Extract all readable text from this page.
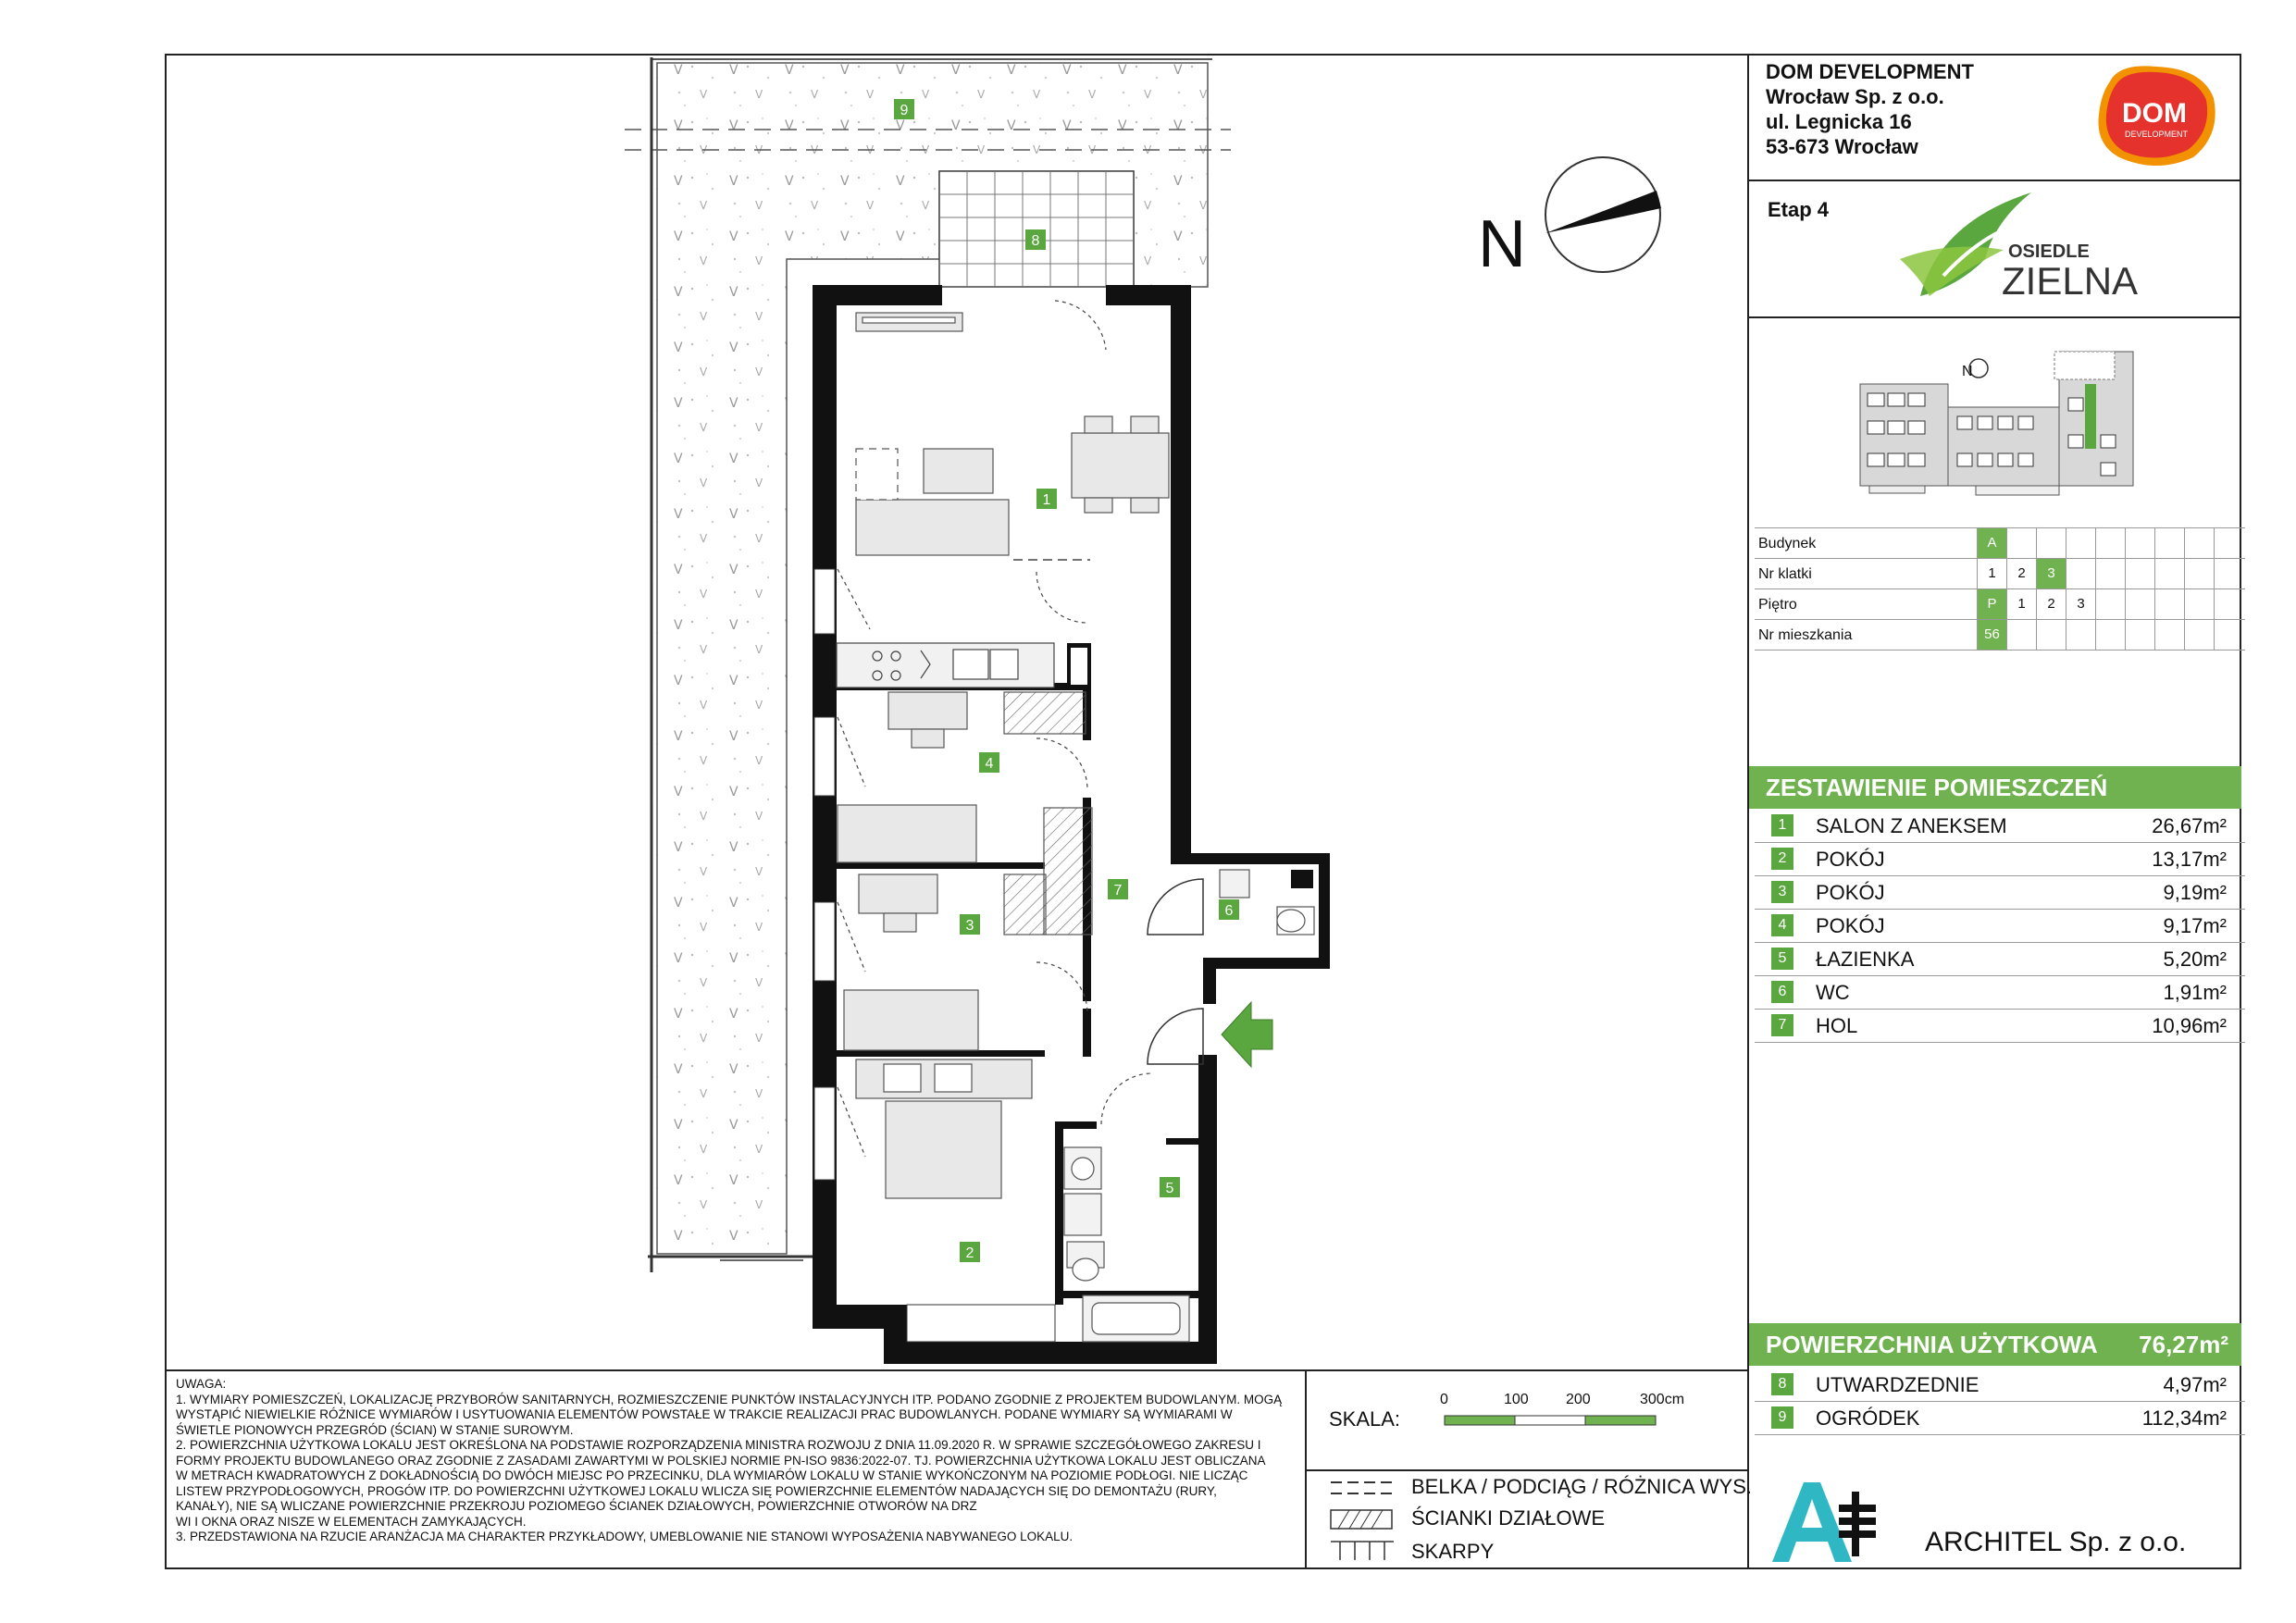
1
2
3
4
5
6
7
8
9
N
DOM DEVELOPMENT
Wrocław Sp. z o.o.
ul. Legnicka 16
53-673 Wrocław
DOM
DEVELOPMENT
Etap 4
OSIEDLE
ZIELNA
N
Budynek	A
Nr klatki	1	2	3
Piętro	P	1	2	3
Nr mieszkania	56
ZESTAWIENIE POMIESZCZEŃ
1	SALON Z ANEKSEM	26,67m²
2	POKÓJ	13,17m²
3	POKÓJ	9,19m²
4	POKÓJ	9,17m²
5	ŁAZIENKA	5,20m²
6	WC	1,91m²
7	HOL	10,96m²
POWIERZCHNIA UŻYTKOWA 76,27m²
8	UTWARDZEDNIE	4,97m²
9	OGRÓDEK	112,34m²
UWAGA:
1. WYMIARY POMIESZCZEŃ, LOKALIZACJĘ PRZYBORÓW SANITARNYCH, ROZMIESZCZENIE PUNKTÓW INSTALACYJNYCH ITP. PODANO ZGODNIE Z PROJEKTEM BUDOWLANYM. MOGĄ
WYSTĄPIĆ NIEWIELKIE RÓŻNICE WYMIARÓW I USYTUOWANIA ELEMENTÓW POWSTAŁE W TRAKCIE REALIZACJI PRAC BUDOWLANYCH. PODANE WYMIARY SĄ WYMIARAMI W
ŚWIETLE PIONOWYCH PRZEGRÓD (ŚCIAN) W STANIE SUROWYM.
2. POWIERZCHNIA UŻYTKOWA LOKALU JEST OKREŚLONA NA PODSTAWIE ROZPORZĄDZENIA MINISTRA ROZWOJU Z DNIA 11.09.2020 R. W SPRAWIE SZCZEGÓŁOWEGO ZAKRESU I
FORMY PROJEKTU BUDOWLANEGO ORAZ ZGODNIE Z ZASADAMI ZAWARTYMI W POLSKIEJ NORMIE PN-ISO 9836:2022-07. TJ. POWIERZCHNIA UŻYTKOWA LOKALU JEST OBLICZANA
W METRACH KWADRATOWYCH Z DOKŁADNOŚCIĄ DO DWÓCH MIEJSC PO PRZECINKU, DLA WYMIARÓW LOKALU W STANIE WYKOŃCZONYM NA POZIOMIE PODŁOGI. NIE LICZĄC
LISTEW PRZYPODŁOGOWYCH, PROGÓW ITP. DO POWIERZCHNI UŻYTKOWEJ LOKALU WLICZA SIĘ POWIERZCHNIE ELEMENTÓW NADAJĄCYCH SIĘ DO DEMONTAŻU (RURY,
KANAŁY), NIE SĄ WLICZANE POWIERZCHNIE PRZEKROJU POZIOMEGO ŚCIANEK DZIAŁOWYCH, POWIERZCHNIE OTWORÓW NA DRZ
WI I OKNA ORAZ NISZE W ELEMENTACH ZAMYKAJĄCYCH.
3. PRZEDSTAWIONA NA RZUCIE ARANŻACJA MA CHARAKTER PRZYKŁADOWY, UMEBLOWANIE NIE STANOWI WYPOSAŻENIA NABYWANEGO LOKALU.
SKALA:
0	100	200	300cm
BELKA / PODCIĄG / RÓŻNICA WYS.
ŚCIANKI DZIAŁOWE
SKARPY	ARCHITEL Sp. z o.o.
